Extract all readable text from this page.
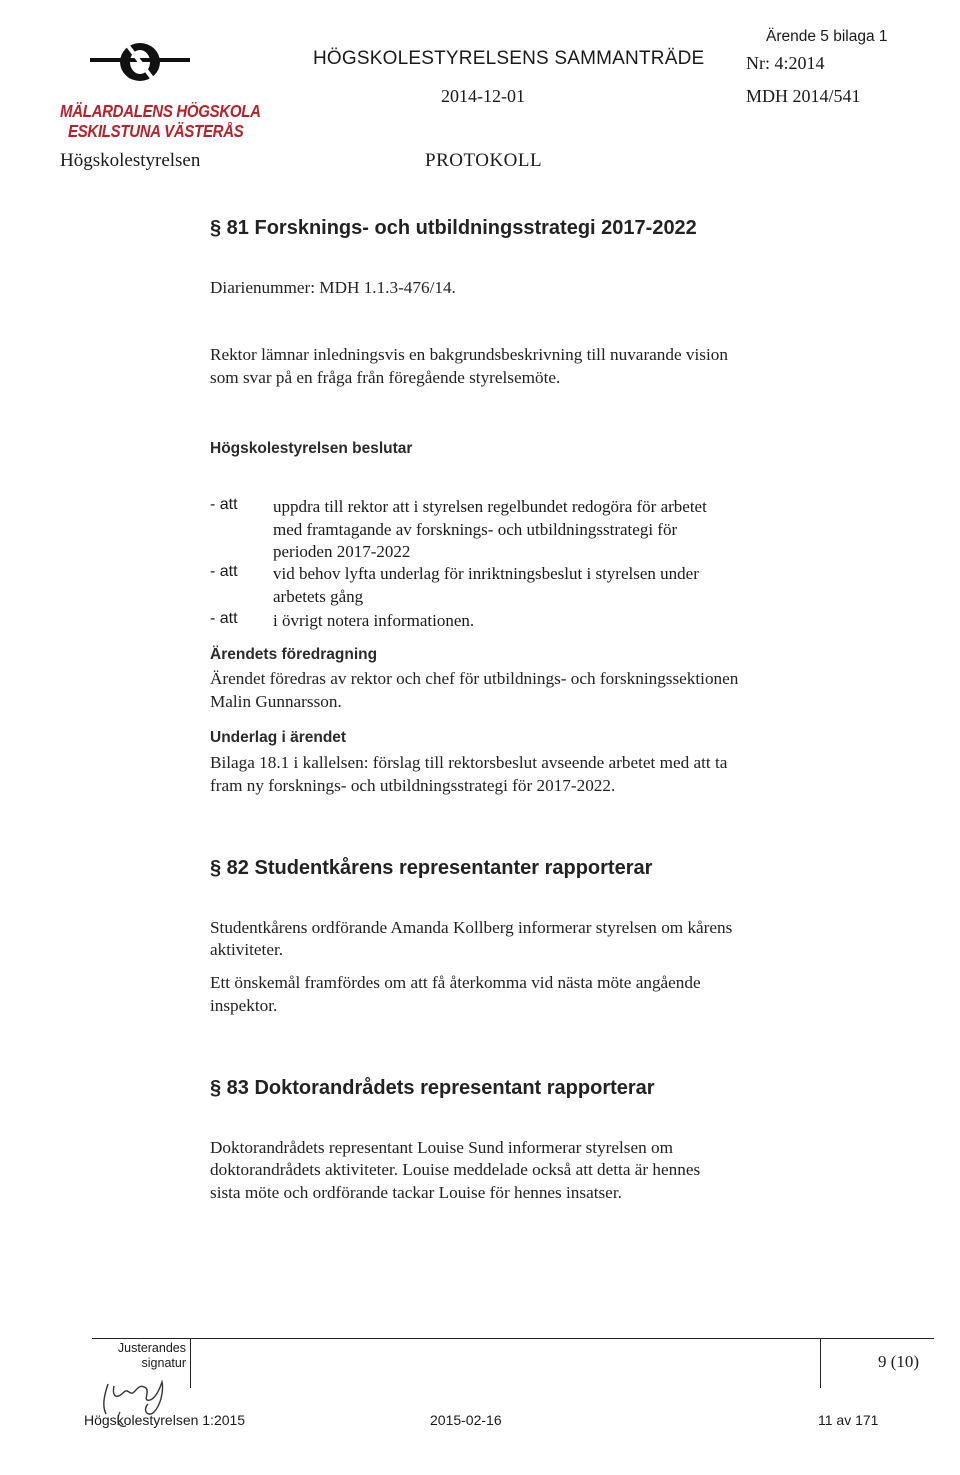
MÄLARDALENS HÖGSKOLA
ESKILSTUNA VÄSTERÅS
Högskolestyrelsen
HÖGSKOLESTYRELSENS SAMMANTRÄDE
Ärende 5 bilaga 1
Nr: 4:2014
2014-12-01	MDH 2014/541
PROTOKOLL
§ 81 Forsknings- och utbildningsstrategi 2017-2022

Diarienummer: MDH 1.1.3-476/14.

Rektor lämnar inledningsvis en bakgrundsbeskrivning till nuvarande vision

som svar på en fråga från föregående styrelsemöte.

Högskolestyrelsen beslutar
- att uppdra till rektor att i styrelsen regelbundet redogöra för arbetet
med framtagande av forsknings- och utbildningsstrategi för
perioden 2017-2022
- att vid behov lyfta underlag för inriktningsbeslut i styrelsen under
arbetets gång
- att i övrigt notera informationen.
Ärendets föredragning

Ärendet föredras av rektor och chef för utbildnings- och forskningssektionen

Malin Gunnarsson.

Underlag i ärendet

Bilaga 18.1 i kallelsen: förslag till rektorsbeslut avseende arbetet med att ta

fram ny forsknings- och utbildningsstrategi för 2017-2022.

§ 82 Studentkårens representanter rapporterar

Studentkårens ordförande Amanda Kollberg informerar styrelsen om kårens

aktiviteter.

Ett önskemål framfördes om att få återkomma vid nästa möte angående

inspektor.

§ 83 Doktorandrådets representant rapporterar

Doktorandrådets representant Louise Sund informerar styrelsen om

doktorandrådets aktiviteter. Louise meddelade också att detta är hennes

sista möte och ordförande tackar Louise för hennes insatser.

Justerandes
signatur	9 (10)
Högskolestyrelsen 1:2015	2015-02-16	11 av 171
